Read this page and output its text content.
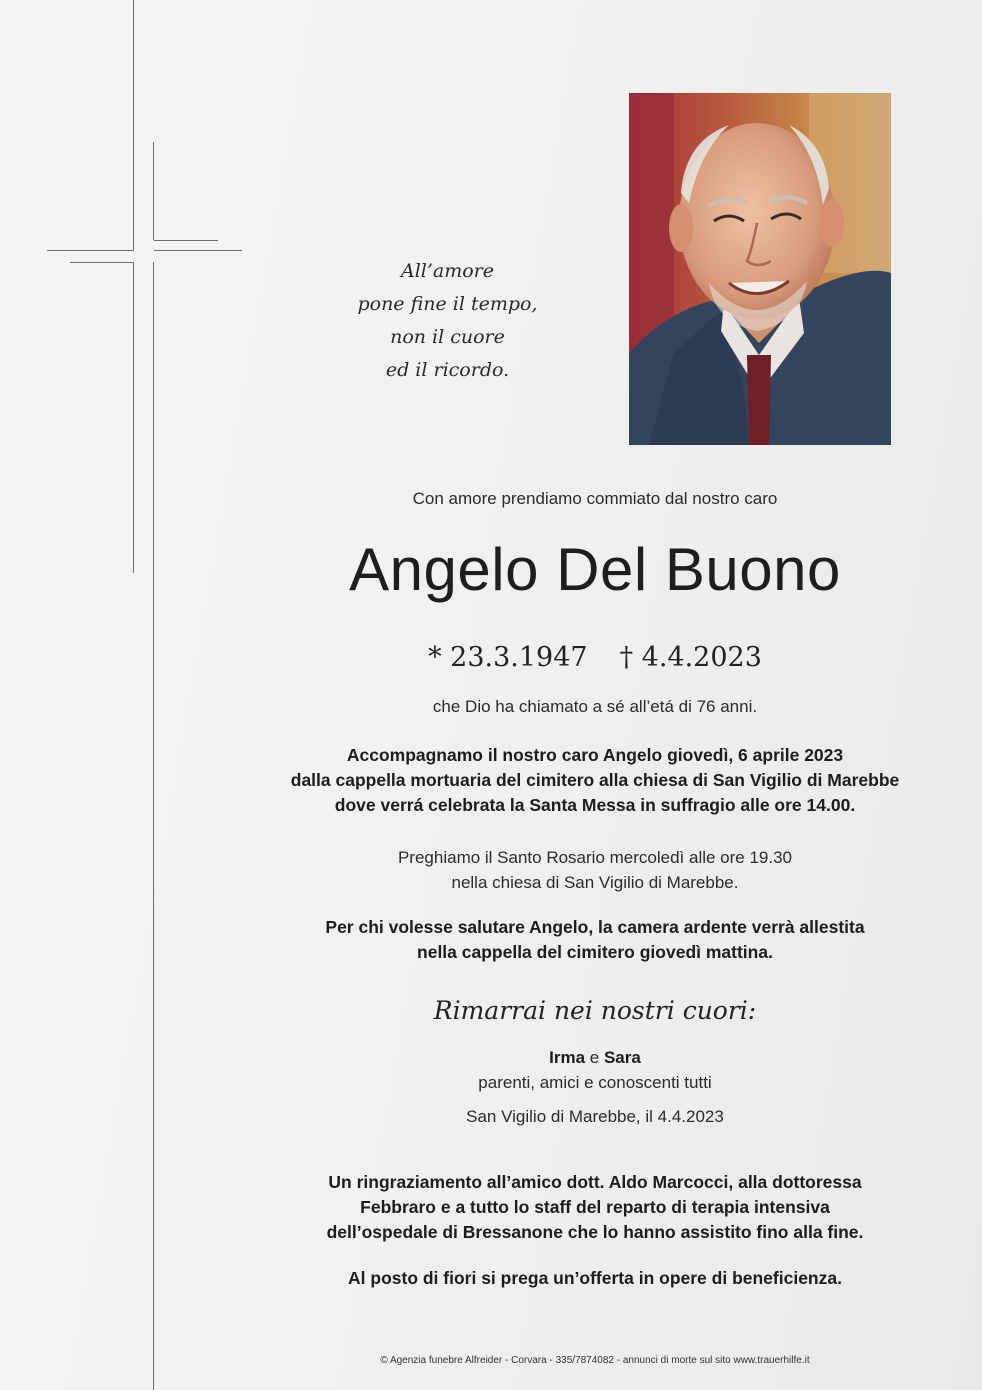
All’amore
pone fine il tempo,
non il cuore
ed il ricordo.
Con amore prendiamo commiato dal nostro caro
Angelo Del Buono
* 23.3.1947 † 4.4.2023
che Dio ha chiamato a sé all’etá di 76 anni.
Accompagnamo il nostro caro Angelo giovedì, 6 aprile 2023
dalla cappella mortuaria del cimitero alla chiesa di San Vigilio di Marebbe
dove verrá celebrata la Santa Messa in suffragio alle ore 14.00.
Preghiamo il Santo Rosario mercoledì alle ore 19.30
nella chiesa di San Vigilio di Marebbe.
Per chi volesse salutare Angelo, la camera ardente verrà allestita
nella cappella del cimitero giovedì mattina.
Rimarrai nei nostri cuori:
Irma e Sara
parenti, amici e conoscenti tutti
San Vigilio di Marebbe, il 4.4.2023
Un ringraziamento all’amico dott. Aldo Marcocci, alla dottoressa
Febbraro e a tutto lo staff del reparto di terapia intensiva
dell’ospedale di Bressanone che lo hanno assistito fino alla fine.
Al posto di fiori si prega un’offerta in opere di beneficienza.
© Agenzia funebre Alfreider - Corvara - 335/7874082 - annunci di morte sul sito www.trauerhilfe.it
